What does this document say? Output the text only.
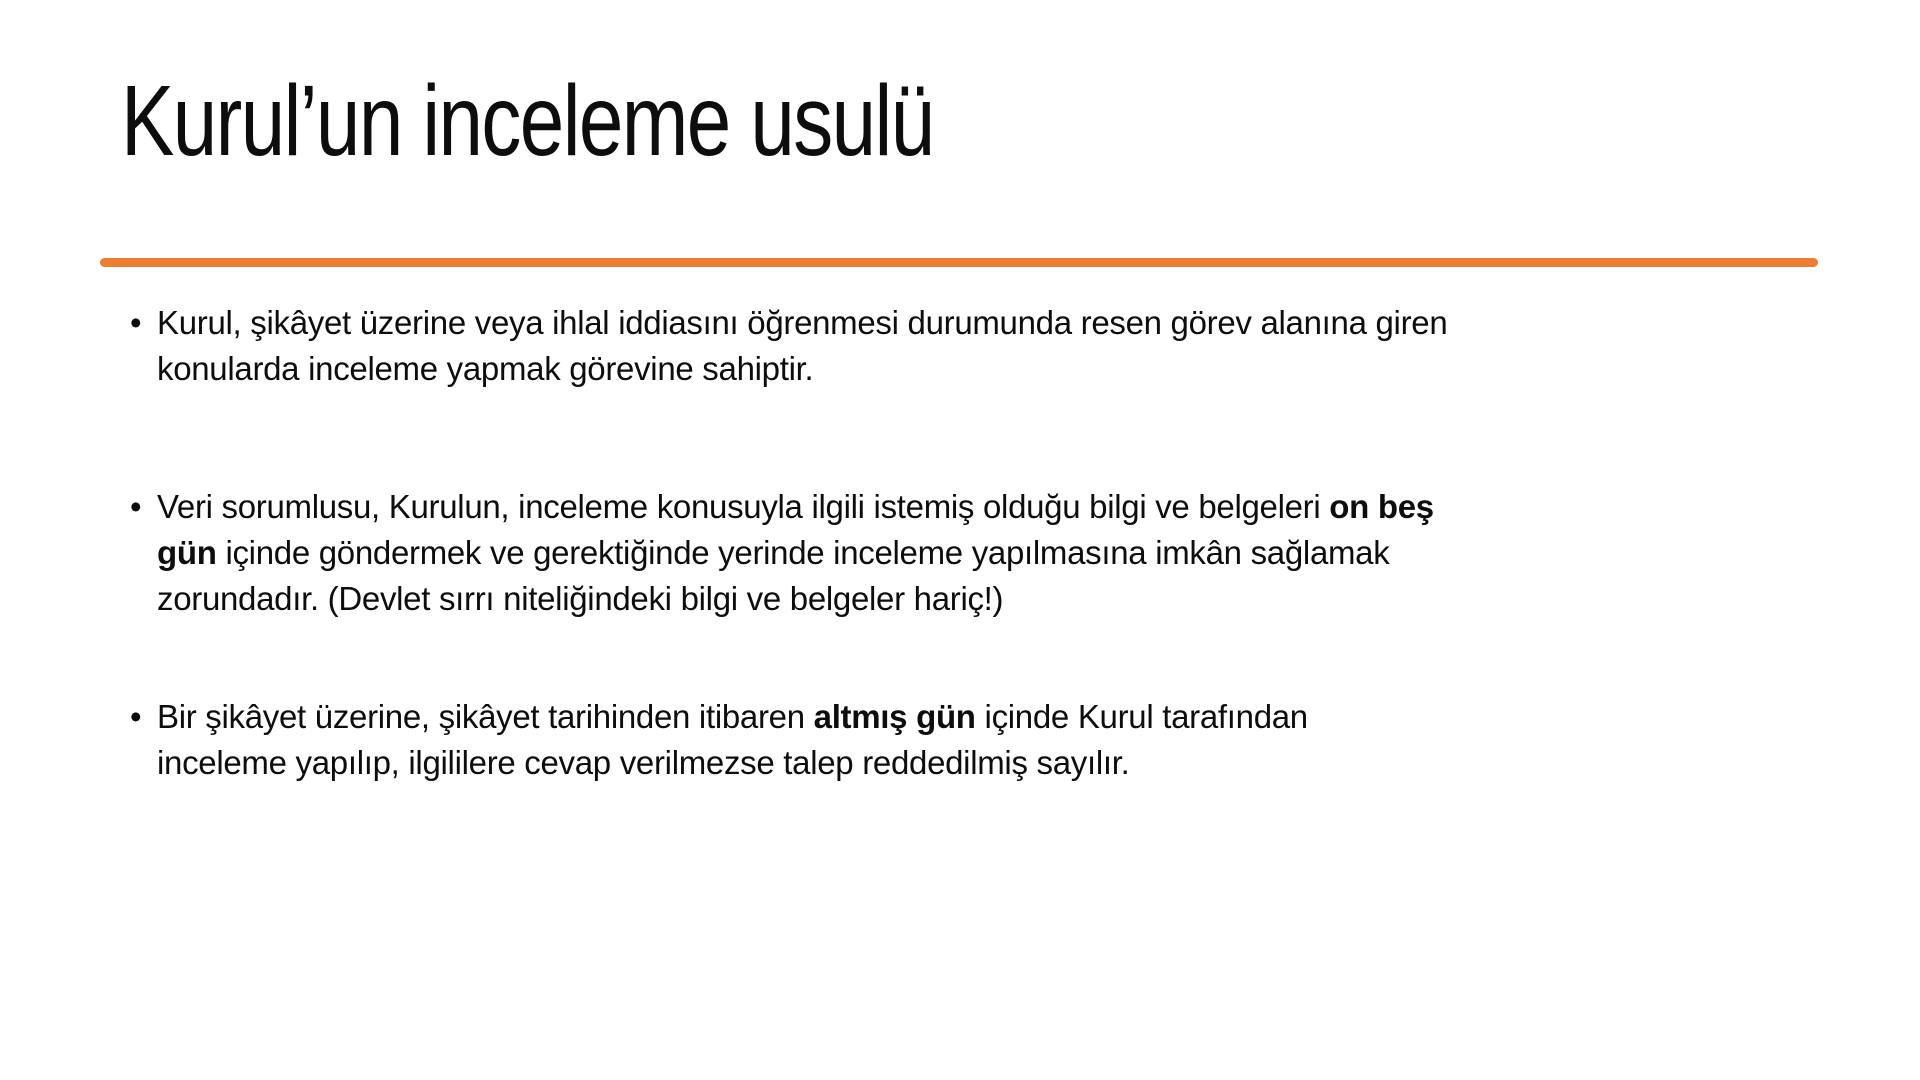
Kurul’un inceleme usulü
• Kurul, şikâyet üzerine veya ihlal iddiasını öğrenmesi durumunda resen görev alanına giren
konularda inceleme yapmak görevine sahiptir.
• Veri sorumlusu, Kurulun, inceleme konusuyla ilgili istemiş olduğu bilgi ve belgeleri on beş
gün içinde göndermek ve gerektiğinde yerinde inceleme yapılmasına imkân sağlamak
zorundadır. (Devlet sırrı niteliğindeki bilgi ve belgeler hariç!)
• Bir şikâyet üzerine, şikâyet tarihinden itibaren altmış gün içinde Kurul tarafından
inceleme yapılıp, ilgililere cevap verilmezse talep reddedilmiş sayılır.
